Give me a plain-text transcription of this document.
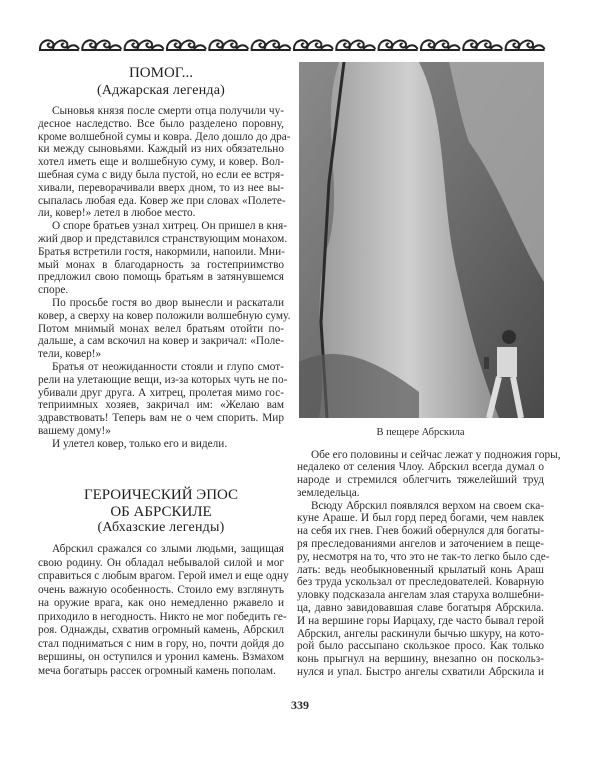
ПОМОГ...
(Аджарская легенда)
Сыновья князя после смерти отца получили чу-
десное наследство. Все было разделено поровну,
кроме волшебной сумы и ковра. Дело дошло до дра-
ки между сыновьями. Каждый из них обязательно
хотел иметь еще и волшебную суму, и ковер. Вол-
шебная сума с виду была пустой, но если ее встря-
хивали, переворачивали вверх дном, то из нее вы-
сыпалась любая еда. Ковер же при словах «Полете-
ли, ковер!» летел в любое место.
О споре братьев узнал хитрец. Он пришел в кня-
жий двор и представился странствующим монахом.
Братья встретили гостя, накормили, напоили. Мни-
мый монах в благодарность за гостеприимство
предложил свою помощь братьям в затянувшемся
споре.
По просьбе гостя во двор вынесли и раскатали
ковер, а сверху на ковер положили волшебную суму.
Потом мнимый монах велел братьям отойти по-
дальше, а сам вскочил на ковер и закричал: «Поле-
тели, ковер!»
Братья от неожиданности стояли и глупо смот-
рели на улетающие вещи, из-за которых чуть не по-
убивали друг друга. А хитрец, пролетая мимо гос-
теприимных хозяев, закричал им: «Желаю вам
здравствовать! Теперь вам не о чем спорить. Мир
вашему дому!»
И улетел ковер, только его и видели.
ГЕРОИЧЕСКИЙ ЭПОС
ОБ АБРСКИЛЕ
(Абхазские легенды)
Абрскил сражался со злыми людьми, защищая
свою родину. Он обладал небывалой силой и мог
справиться с любым врагом. Герой имел и еще одну
очень важную особенность. Стоило ему взглянуть
на оружие врага, как оно немедленно ржавело и
приходило в негодность. Никто не мог победить ге-
роя. Однажды, схватив огромный камень, Абрскил
стал подниматься с ним в гору, но, почти дойдя до
вершины, он оступился и уронил камень. Взмахом
меча богатырь рассек огромный камень пополам.
В пещере Абрскила
Обе его половины и сейчас лежат у подножия горы,
недалеко от селения Члоу. Абрскил всегда думал о
народе и стремился облегчить тяжелейший труд
земледельца.
Всюду Абрскил появлялся верхом на своем ска-
куне Араше. И был горд перед богами, чем навлек
на себя их гнев. Гнев божий обернулся для богаты-
ря преследованиями ангелов и заточением в пеще-
ру, несмотря на то, что это не так-то легко было сде-
лать: ведь необыкновенный крылатый конь Араш
без труда ускользал от преследователей. Коварную
уловку подсказала ангелам злая старуха волшебни-
ца, давно завидовавшая славе богатыря Абрскила.
И на вершине горы Иарцаху, где часто бывал герой
Абрскил, ангелы раскинули бычью шкуру, на кото-
рой было рассыпано скользкое просо. Как только
конь прыгнул на вершину, внезапно он поскольз-
нулся и упал. Быстро ангелы схватили Абрскила и
339
